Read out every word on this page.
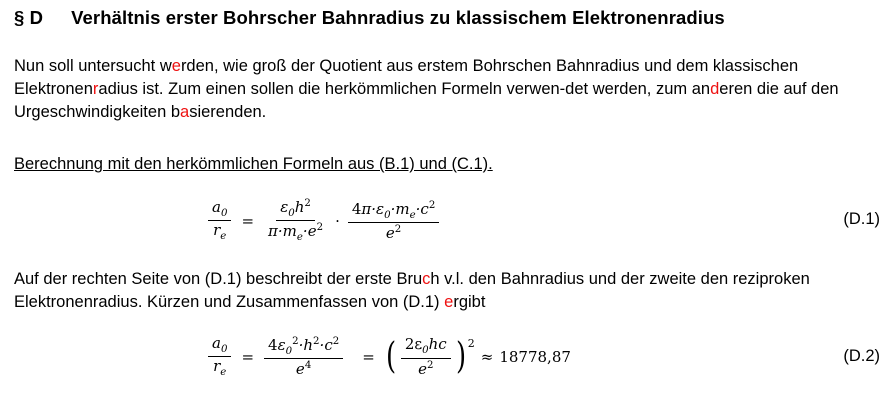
§ D Verhältnis erster Bohrscher Bahnradius zu klassischem Elektronenradius
Nun soll untersucht werden, wie groß der Quotient aus erstem Bohrschen Bahnradius und dem klassischen Elektronenradius ist. Zum einen sollen die herkömmlichen Formeln verwen-det werden, zum anderen die auf den Urgeschwindigkeiten basierenden.
Berechnung mit den herkömmlichen Formeln aus (B.1) und (C.1).
$\frac{a_0}{r_e} = \frac{\varepsilon_0h^2}{\pi\cdot m_e\cdot e^2} \cdot \frac{4\pi\cdot\varepsilon_0\cdot m_e\cdot c^2}{e^2}$	(D.1)
Auf der rechten Seite von (D.1) beschreibt der erste Bruch v.l. den Bahnradius und der zweite den reziproken Elektronenradius. Kürzen und Zusammenfassen von (D.1) ergibt
$\frac{a_0}{r_e} = \frac{4\varepsilon_0^2\cdot h^2\cdot c^2}{e^4}$	= ( $\frac{2\varepsilon_0hc}{e^2}$ ) 2
≈ 18778,87	(D.2)
